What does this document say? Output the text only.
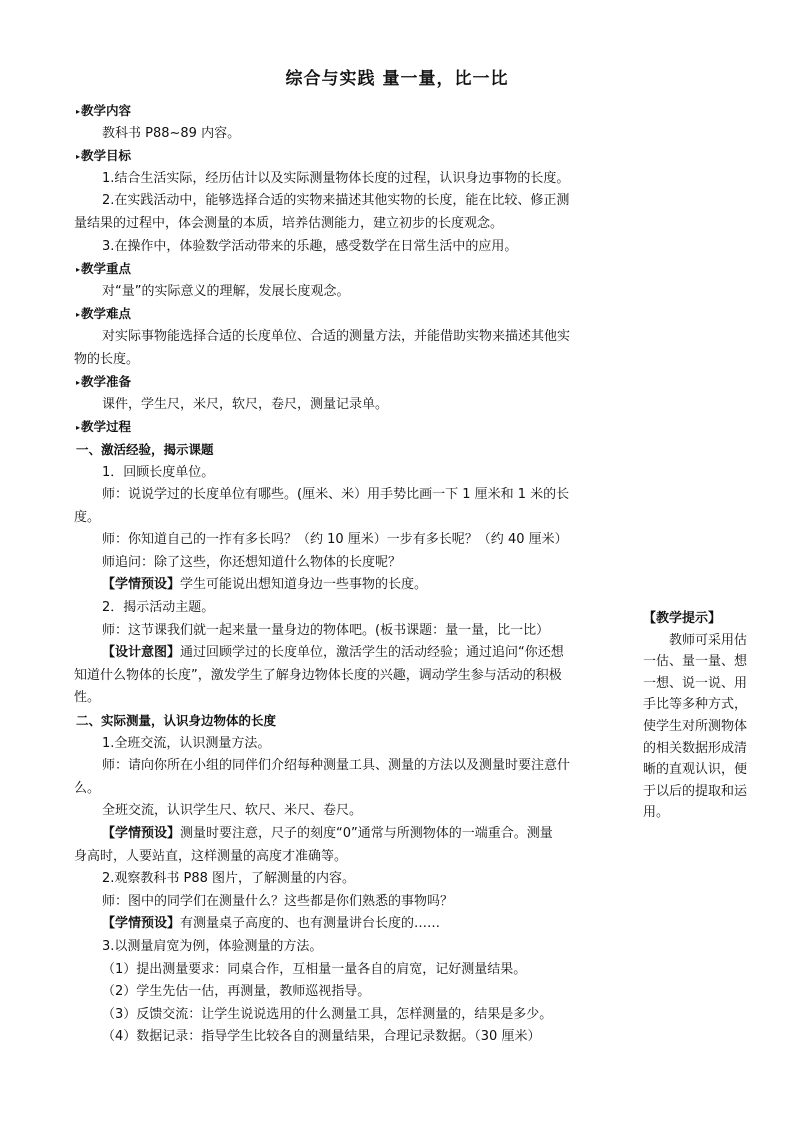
综合与实践 量一量，比一比
▸教学内容
教科书 P88~89 内容。
▸教学目标
1.结合生活实际，经历估计以及实际测量物体长度的过程，认识身边事物的长度。
2.在实践活动中，能够选择合适的实物来描述其他实物的长度，能在比较、修正测
量结果的过程中，体会测量的本质，培养估测能力，建立初步的长度观念。
3.在操作中，体验数学活动带来的乐趣，感受数学在日常生活中的应用。
▸教学重点
对“量”的实际意义的理解，发展长度观念。
▸教学难点
对实际事物能选择合适的长度单位、合适的测量方法，并能借助实物来描述其他实
物的长度。
▸教学准备
课件，学生尺，米尺，软尺，卷尺，测量记录单。
▸教学过程
一、激活经验，揭示课题
1．回顾长度单位。
师：说说学过的长度单位有哪些。(厘米、米）用手势比画一下 1 厘米和 1 米的长
度。
师：你知道自己的一拃有多长吗？（约 10 厘米）一步有多长呢？（约 40 厘米）
师追问：除了这些，你还想知道什么物体的长度呢？
【学情预设】学生可能说出想知道身边一些事物的长度。
2．揭示活动主题。
师：这节课我们就一起来量一量身边的物体吧。(板书课题：量一量，比一比）
【设计意图】通过回顾学过的长度单位，激活学生的活动经验；通过追问“你还想
知道什么物体的长度”，激发学生了解身边物体长度的兴趣，调动学生参与活动的积极
性。
二、实际测量，认识身边物体的长度
1.全班交流，认识测量方法。
师：请向你所在小组的同伴们介绍每种测量工具、测量的方法以及测量时要注意什
么。
全班交流，认识学生尺、软尺、米尺、卷尺。
【学情预设】测量时要注意，尺子的刻度“0”通常与所测物体的一端重合。测量
身高时，人要站直，这样测量的高度才准确等。
2.观察教科书 P88 图片，了解测量的内容。
师：图中的同学们在测量什么？这些都是你们熟悉的事物吗？
【学情预设】有测量桌子高度的、也有测量讲台长度的……
3.以测量肩宽为例，体验测量的方法。
（1）提出测量要求：同桌合作，互相量一量各自的肩宽，记好测量结果。
（2）学生先估一估，再测量，教师巡视指导。
（3）反馈交流：让学生说说选用的什么测量工具，怎样测量的，结果是多少。
（4）数据记录：指导学生比较各自的测量结果，合理记录数据。（30 厘米）
【教学提示】
教师可采用估
一估、量一量、想
一想、说一说、用
手比等多种方式，
使学生对所测物体
的相关数据形成清
晰的直观认识，便
于以后的提取和运
用。
